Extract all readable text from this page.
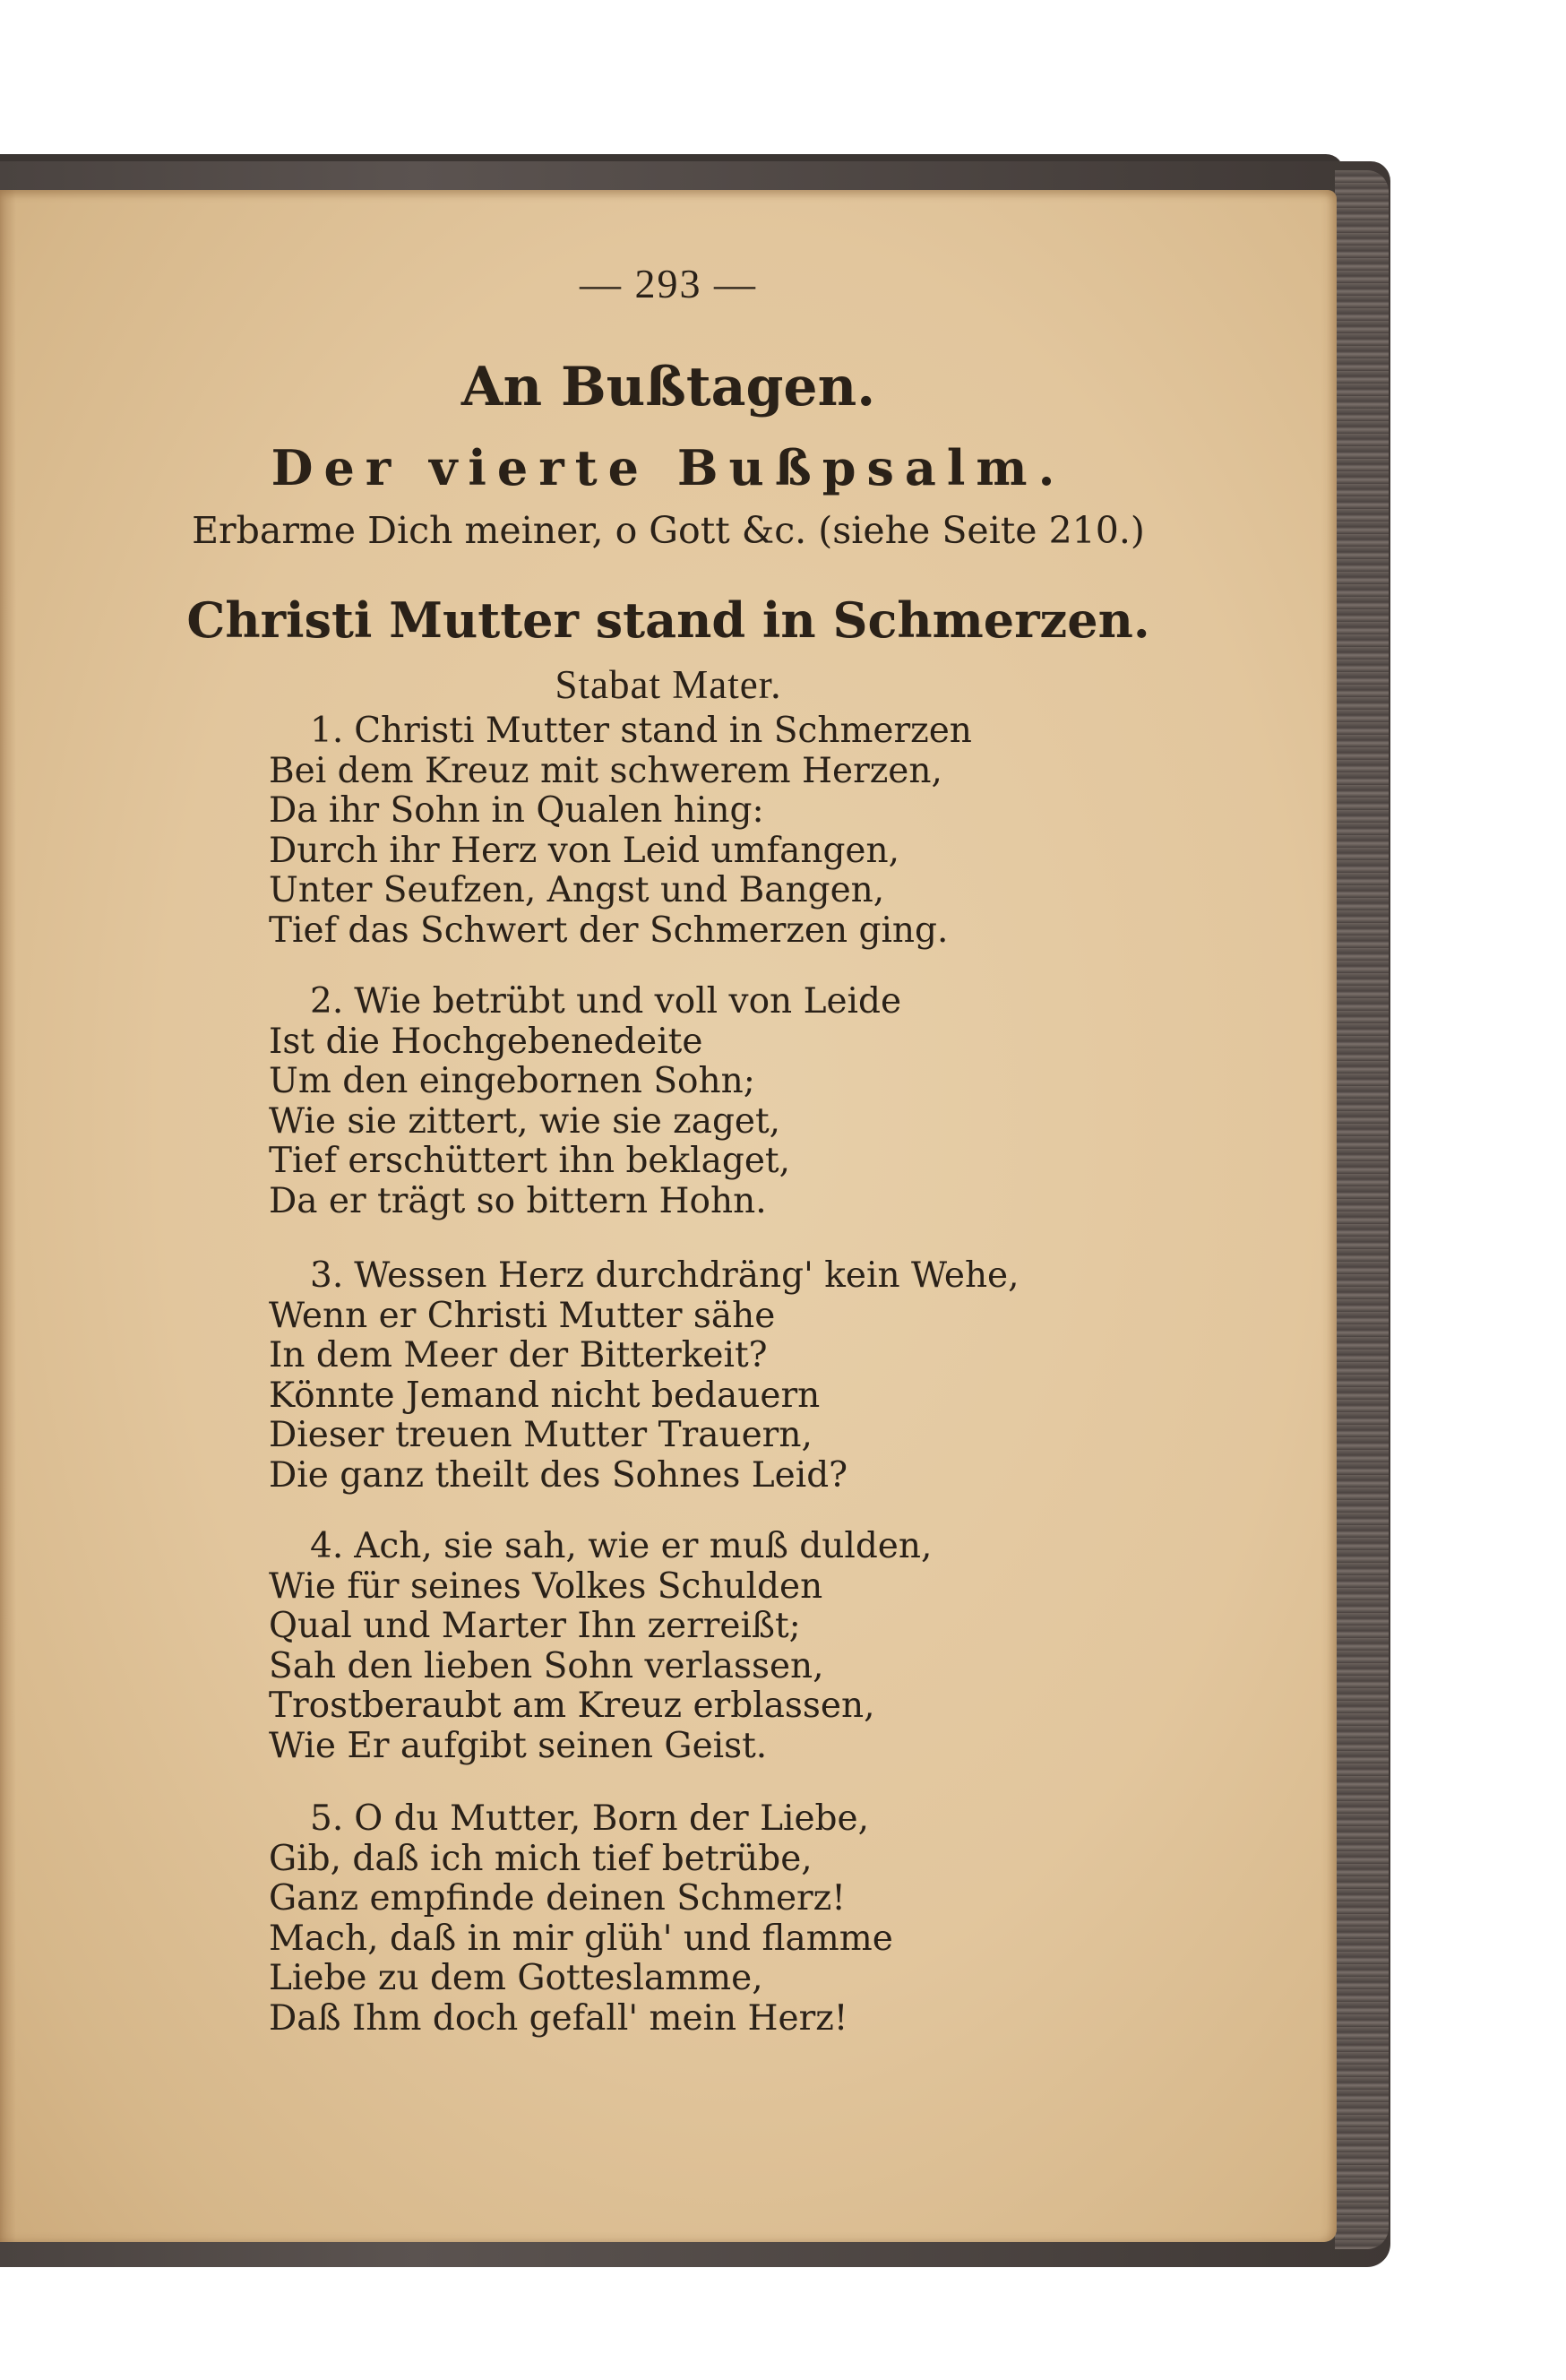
— 293 —
An Bußtagen.
Der vierte Bußpsalm.
Erbarme Dich meiner, o Gott &c. (siehe Seite 210.)
Christi Mutter stand in Schmerzen.
Stabat Mater.
1. Christi Mutter stand in Schmerzen
Bei dem Kreuz mit schwerem Herzen,
Da ihr Sohn in Qualen hing:
Durch ihr Herz von Leid umfangen,
Unter Seufzen, Angst und Bangen,
Tief das Schwert der Schmerzen ging.
2. Wie betrübt und voll von Leide
Ist die Hochgebenedeite
Um den eingebornen Sohn;
Wie sie zittert, wie sie zaget,
Tief erschüttert ihn beklaget,
Da er trägt so bittern Hohn.
3. Wessen Herz durchdräng' kein Wehe,
Wenn er Christi Mutter sähe
In dem Meer der Bitterkeit?
Könnte Jemand nicht bedauern
Dieser treuen Mutter Trauern,
Die ganz theilt des Sohnes Leid?
4. Ach, sie sah, wie er muß dulden,
Wie für seines Volkes Schulden
Qual und Marter Ihn zerreißt;
Sah den lieben Sohn verlassen,
Trostberaubt am Kreuz erblassen,
Wie Er aufgibt seinen Geist.
5. O du Mutter, Born der Liebe,
Gib, daß ich mich tief betrübe,
Ganz empfinde deinen Schmerz!
Mach, daß in mir glüh' und flamme
Liebe zu dem Gotteslamme,
Daß Ihm doch gefall' mein Herz!
